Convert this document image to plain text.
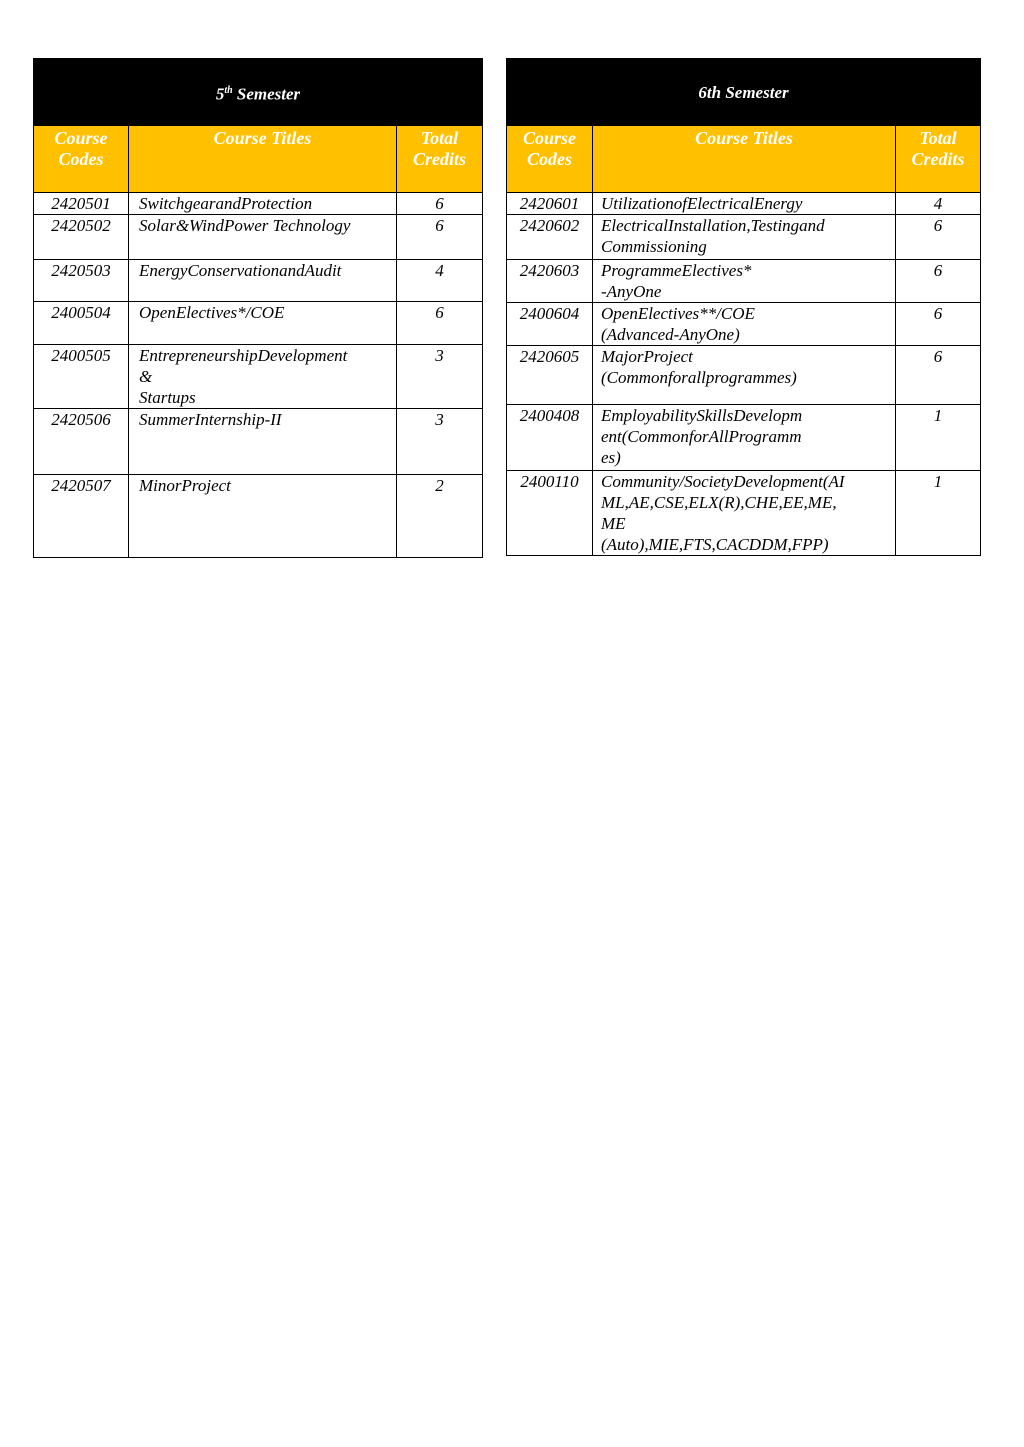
5th Semester		
Course Codes	Course Titles	Total Credits
2420501	SwitchgearandProtection	6
2420502	Solar&WindPower Technology	6
2420503	EnergyConservationandAudit	4
2400504	OpenElectives*/COE	6
2400505	EntrepreneurshipDevelopment
&
Startups	3
2420506	SummerInternship-II	3
2420507	MinorProject	2
6th Semester		
Course Codes	Course Titles	Total Credits
2420601	UtilizationofElectricalEnergy	4
2420602	ElectricalInstallation,Testingand
Commissioning	6
2420603	ProgrammeElectives*
-AnyOne	6
2400604	OpenElectives**/COE
(Advanced-AnyOne)	6
2420605	MajorProject
(Commonforallprogrammes)	6
2400408	EmployabilitySkillsDevelopm
ent(CommonforAllProgramm
es)	1
2400110	Community/SocietyDevelopment(AI
ML,AE,CSE,ELX(R),CHE,EE,ME,
ME
(Auto),MIE,FTS,CACDDM,FPP)	1
